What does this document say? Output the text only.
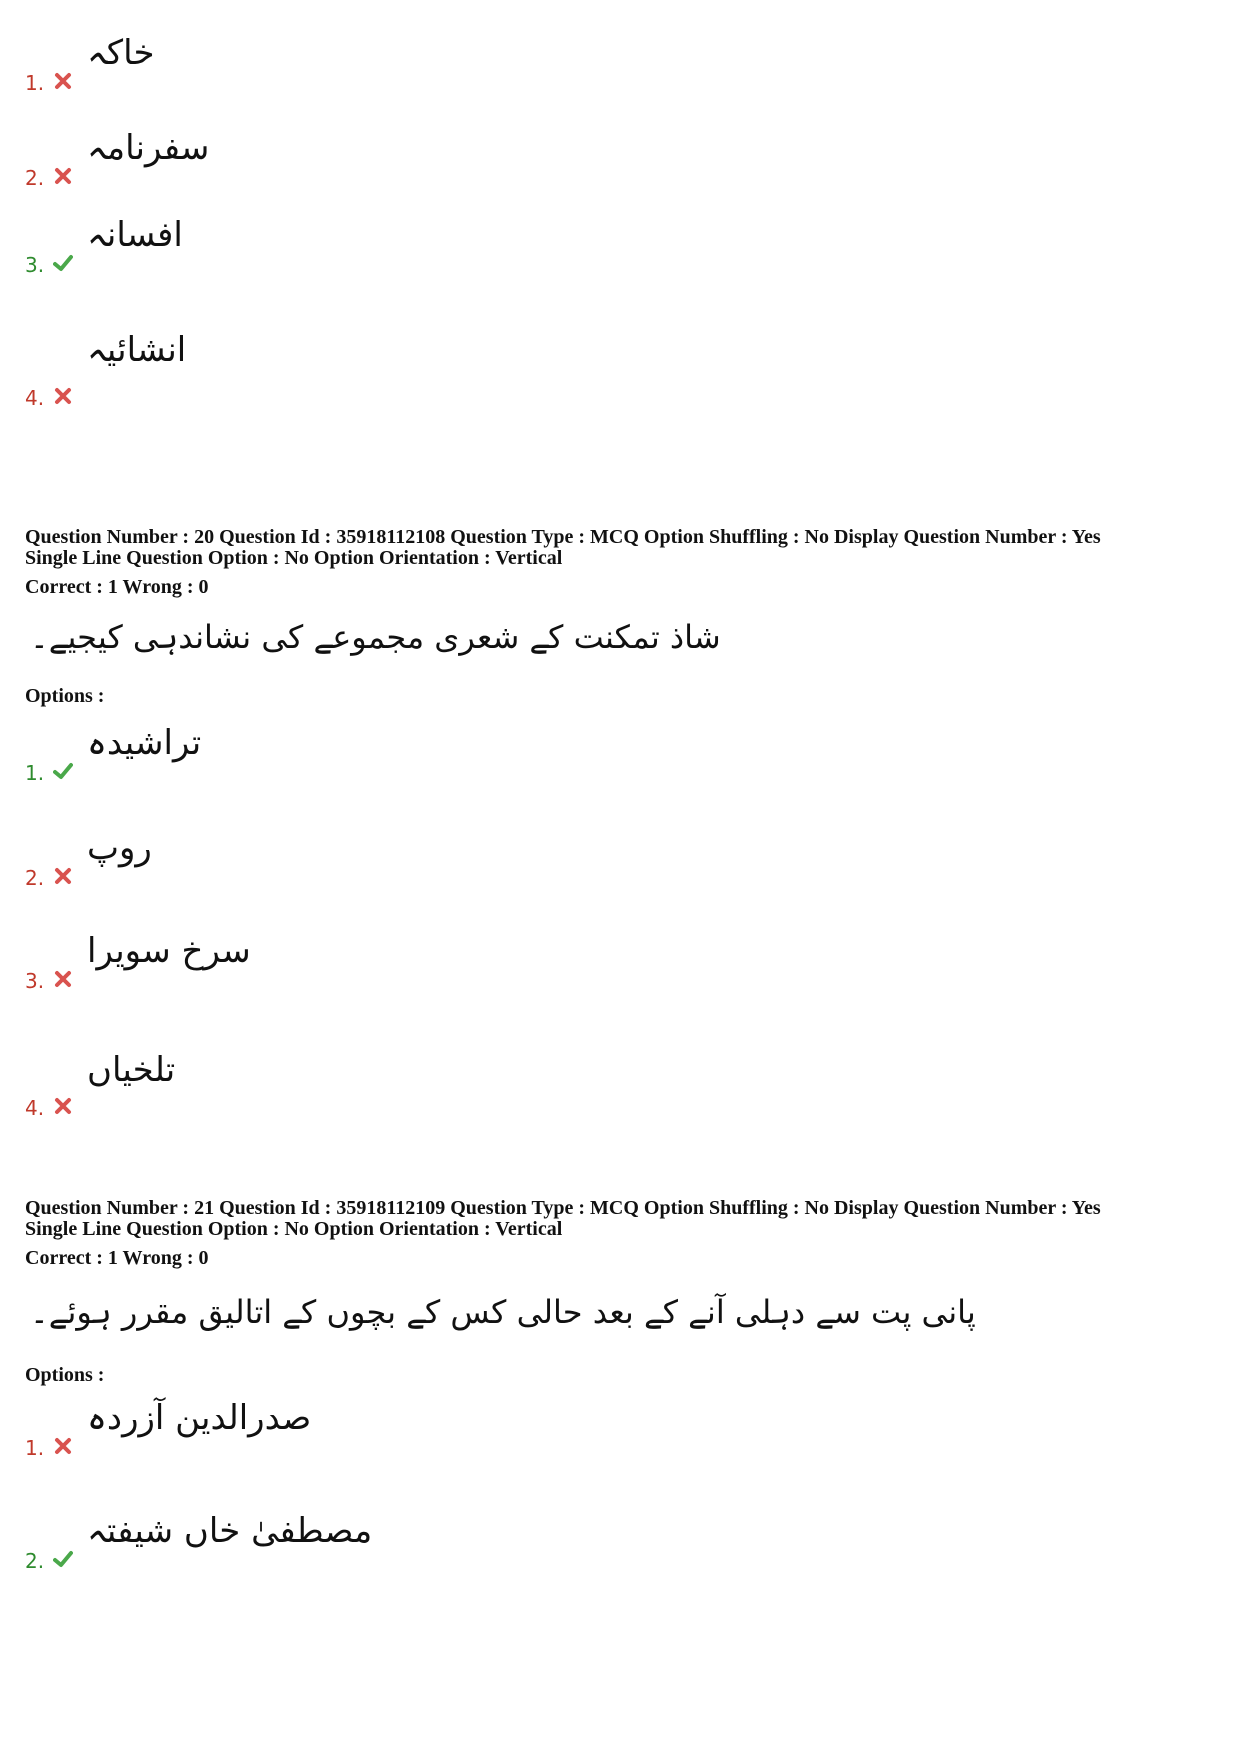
خاکہ
1.
سفرنامہ
2.
افسانہ
3.
انشائیہ
4.
Question Number : 20 Question Id : 35918112108 Question Type : MCQ Option Shuffling : No Display Question Number : Yes
Single Line Question Option : No Option Orientation : Vertical
Correct : 1 Wrong : 0
شاذ تمکنت کے شعری مجموعے کی نشاندہی کیجیے۔
Options :
تراشیدہ
1.
روپ
2.
سرخ سویرا
3.
تلخیاں
4.
Question Number : 21 Question Id : 35918112109 Question Type : MCQ Option Shuffling : No Display Question Number : Yes
Single Line Question Option : No Option Orientation : Vertical
Correct : 1 Wrong : 0
پانی پت سے دہلی آنے کے بعد حالی کس کے بچوں کے اتالیق مقرر ہوئے۔
Options :
صدرالدین آزردہ
1.
مصطفیٰ خاں شیفتہ
2.
